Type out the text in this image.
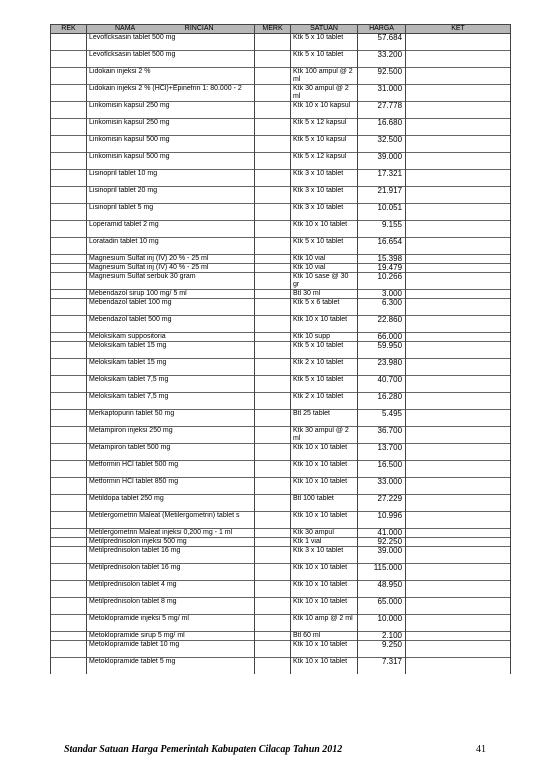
REK	NAMA RINCIAN	MERK	SATUAN	HARGA	KET
	Levoflcksasin tablet 500 mg			Ktk 5 x 10 tablet	57.684	
	Levoflcksasin tablet 500 mg			Ktk 5 x 10 tablet	33.200	
	Lidokain injeksi 2 %			Ktk 100 ampul @ 2 ml	92.500	
	Lidokain injeksi 2 % (HCl)+Epinefrin 1: 80.000 - 2			Ktk 30 ampul @ 2 ml	31.000	
	Linkomisin kapsul 250 mg			Ktk 10 x 10 kapsul	27.778	
	Linkomisin kapsul 250 mg			Ktk 5 x 12 kapsul	16.680	
	Linkomisin kapsul 500 mg			Ktk 5 x 10 kapsul	32.500	
	Linkomisin kapsul 500 mg			Ktk 5 x 12 kapsul	39.000	
	Lisinopril tablet 10 mg			Ktk 3 x 10 tablet	17.321	
	Lisinopril tablet 20 mg			Ktk 3 x 10 tablet	21.917	
	Lisinopril tablet 5 mg			Ktk 3 x 10 tablet	10.051	
	Loperamid tablet 2 mg			Ktk 10 x 10 tablet	9.155	
	Loratadin tablet 10 mg			Ktk 5 x 10 tablet	16.654	
	Magnesium Sulfat inj (IV) 20 % - 25 ml			Ktk 10 vial	15.398	
	Magnesium Sulfat inj (IV) 40 % - 25 ml			Ktk 10 vial	19.479	
	Magnesium Sulfat serbuk 30 gram			Ktk 10 sase @ 30 gr	10.266	
	Mebendazol sirup 100 mg/ 5 ml			Btl 30 ml	3.000	
	Mebendazol tablet 100 mg			Ktk 5 x 6 tablet	6.300	
	Mebendazol tablet 500 mg			Ktk 10 x 10 tablet	22.860	
	Meloksikam suppositoria			Ktk 10 supp	66.000	
	Meloksikam tablet 15 mg			Ktk 5 x 10 tablet	59.950	
	Meloksikam tablet 15 mg			Ktk 2 x 10 tablet	23.980	
	Meloksikam tablet 7,5 mg			Ktk 5 x 10 tablet	40.700	
	Meloksikam tablet 7,5 mg			Ktk 2 x 10 tablet	16.280	
	Merkaptopurin tablet 50 mg			Btl 25 tablet	5.495	
	Metampiron injeksi 250 mg			Ktk 30 ampul @ 2 ml	36.700	
	Metampiron tablet 500 mg			Ktk 10 x 10 tablet	13.700	
	Metformin HCl tablet 500 mg			Ktk 10 x 10 tablet	16.500	
	Metformin HCl tablet 850 mg			Ktk 10 x 10 tablet	33.000	
	Metildopa tablet 250 mg			Btl 100 tablet	27.229	
	Metilergometrin Maleat (Metilergometrin) tablet s			Ktk 10 x 10 tablet	10.996	
	Metilergometrin Maleat injeksi 0,200 mg - 1 ml			Ktk 30 ampul	41.000	
	Metilprednisolon injeksi 500 mg			Ktk 1 vial	92.250	
	Metilprednisolon tablet 16 mg			Ktk 3 x 10 tablet	39.000	
	Metilprednisolon tablet 16 mg			Ktk 10 x 10 tablet	115.000	
	Metilprednisolon tablet 4 mg			Ktk 10 x 10 tablet	48.950	
	Metilprednisolon tablet 8 mg			Ktk 10 x 10 tablet	65.000	
	Metoklopramide injeksi 5 mg/ ml			Ktk 10 amp @ 2 ml	10.000	
	Metoklopramide sirup 5 mg/ ml			Btl 60 ml	2.100	
	Metoklopramide tablet 10 mg			Ktk 10 x 10 tablet	9.250	
	Metoklopramide tablet 5 mg			Ktk 10 x 10 tablet	7.317	
Standar Satuan Harga Pemerintah Kabupaten Cilacap Tahun 2012	41
